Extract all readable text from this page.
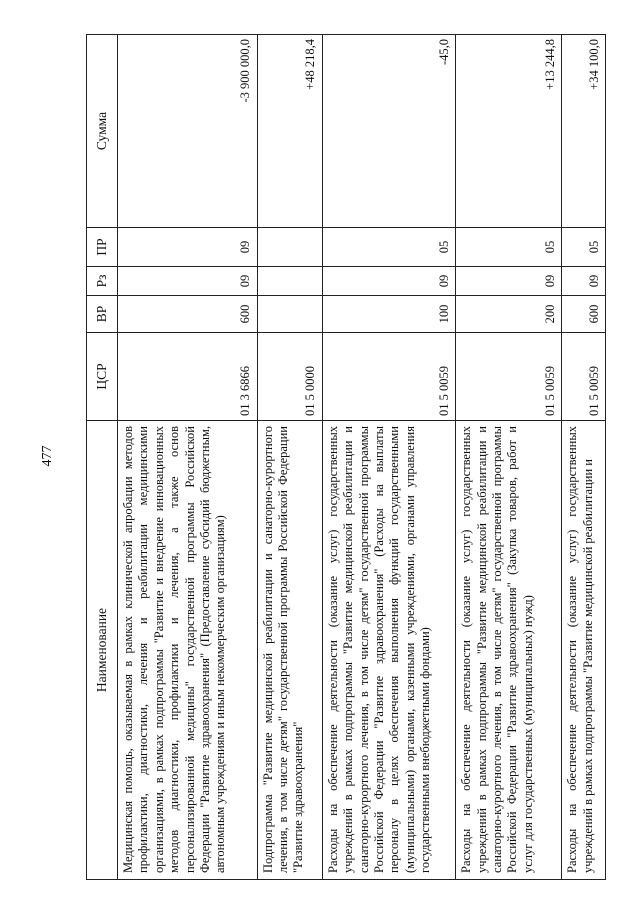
477
Наименование	ЦСР	ВР	Рз	ПР	Сумма
Медицинская помощь, оказываемая в рамках клинической апробации методов профилактики, диагностики, лечения и реабилитации медицинскими организациями, в рамках подпрограммы "Развитие и внедрение инновационных методов диагностики, профилактики и лечения, а также основ персонализированной медицины" государственной программы Российской Федерации "Развитие здравоохранения" (Предоставление субсидий бюджетным, автономным учреждениям и иным некоммерческим организациям)	01 3 6866	600	09	09	-3 900 000,0
Подпрограмма "Развитие медицинской реабилитации и санаторно-курортного лечения, в том числе детям" государственной программы Российской Федерации "Развитие здравоохранения"	01 5 0000				+48 218,4
Расходы на обеспечение деятельности (оказание услуг) государственных учреждений в рамках подпрограммы "Развитие медицинской реабилитации и санаторно-курортного лечения, в том числе детям" государственной программы Российской Федерации "Развитие здравоохранения" (Расходы на выплаты персоналу в целях обеспечения выполнения функций государственными (муниципальными) органами, казенными учреждениями, органами управления государственными внебюджетными фондами)	01 5 0059	100	09	05	-45,0
Расходы на обеспечение деятельности (оказание услуг) государственных учреждений в рамках подпрограммы "Развитие медицинской реабилитации и санаторно-курортного лечения, в том числе детям" государственной программы Российской Федерации "Развитие здравоохранения" (Закупка товаров, работ и услуг для государственных (муниципальных) нужд)	01 5 0059	200	09	05	+13 244,8
Расходы на обеспечение деятельности (оказание услуг) государственных учреждений в рамках подпрограммы "Развитие медицинской реабилитации и	01 5 0059	600	09	05	+34 100,0
